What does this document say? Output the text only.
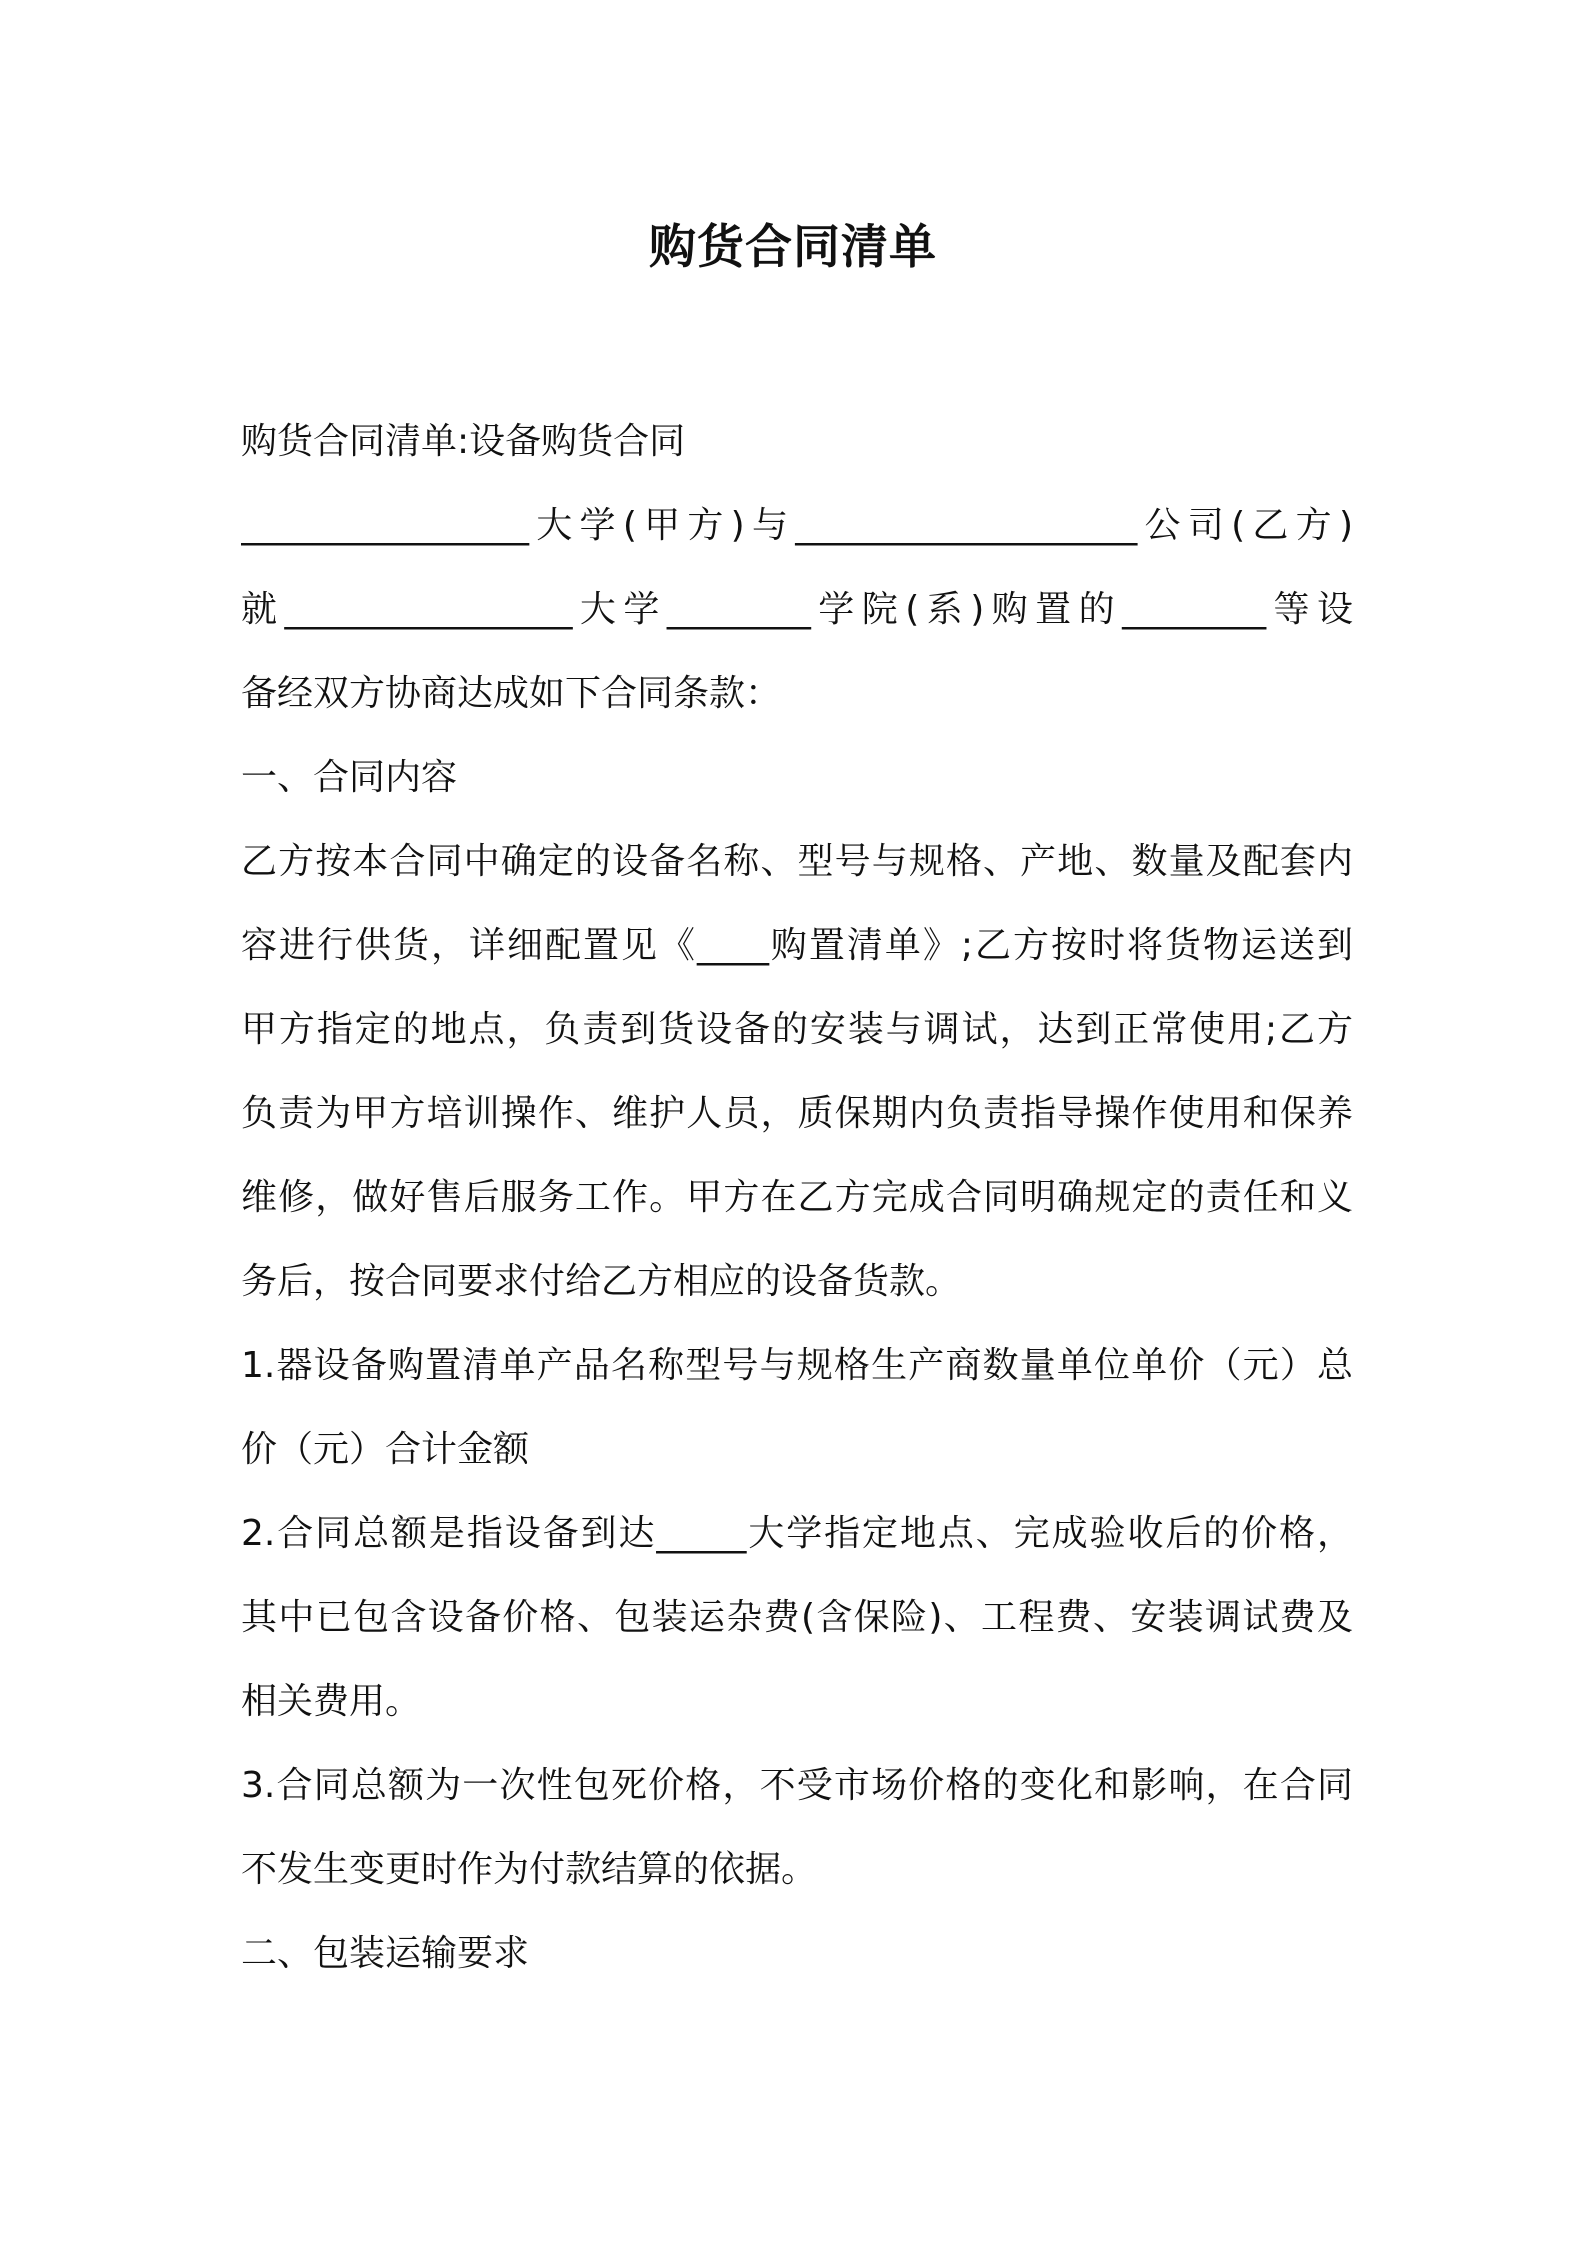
购货合同清单
购货合同清单:设备购货合同
________________大学(甲方)与___________________公司(乙方)
就________________大学________学院(系)购置的________等设
备经双方协商达成如下合同条款：
一、合同内容
乙方按本合同中确定的设备名称、型号与规格、产地、数量及配套内
容进行供货，详细配置见《____购置清单》;乙方按时将货物运送到
甲方指定的地点，负责到货设备的安装与调试，达到正常使用;乙方
负责为甲方培训操作、维护人员，质保期内负责指导操作使用和保养
维修，做好售后服务工作。甲方在乙方完成合同明确规定的责任和义
务后，按合同要求付给乙方相应的设备货款。
1.器设备购置清单产品名称型号与规格生产商数量单位单价（元）总
价（元）合计金额
2.合同总额是指设备到达_____大学指定地点、完成验收后的价格，
其中已包含设备价格、包装运杂费(含保险)、工程费、安装调试费及
相关费用。
3.合同总额为一次性包死价格，不受市场价格的变化和影响，在合同
不发生变更时作为付款结算的依据。
二、包装运输要求
